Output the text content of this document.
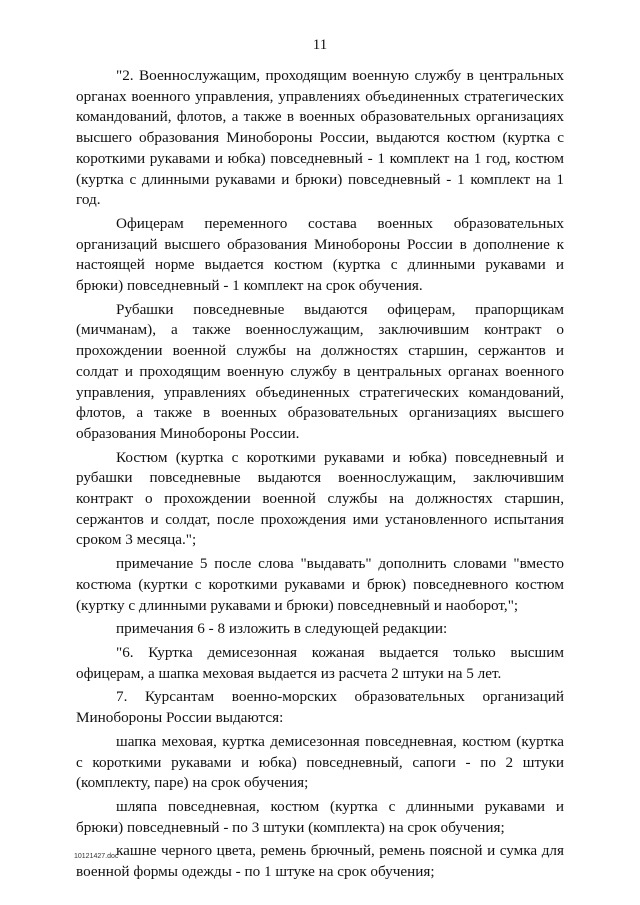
11

"2. Военнослужащим, проходящим военную службу в центральных органах военного управления, управлениях объединенных стратегических командований, флотов, а также в военных образовательных организациях высшего образования Минобороны России, выдаются костюм (куртка с короткими рукавами и юбка) повседневный - 1 комплект на 1 год, костюм (куртка с длинными рукавами и брюки) повседневный - 1 комплект на 1 год.

Офицерам переменного состава военных образовательных организаций высшего образования Минобороны России в дополнение к настоящей норме выдается костюм (куртка с длинными рукавами и брюки) повседневный - 1 комплект на срок обучения.

Рубашки повседневные выдаются офицерам, прапорщикам (мичманам), а также военнослужащим, заключившим контракт о прохождении военной службы на должностях старшин, сержантов и солдат и проходящим военную службу в центральных органах военного управления, управлениях объединенных стратегических командований, флотов, а также в военных образовательных организациях высшего образования Минобороны России.

Костюм (куртка с короткими рукавами и юбка) повседневный и рубашки повседневные выдаются военнослужащим, заключившим контракт о прохождении военной службы на должностях старшин, сержантов и солдат, после прохождения ими установленного испытания сроком 3 месяца.";

примечание 5 после слова "выдавать" дополнить словами "вместо костюма (куртки с короткими рукавами и брюк) повседневного костюм (куртку с длинными рукавами и брюки) повседневный и наоборот,";

примечания 6 - 8 изложить в следующей редакции:

"6. Куртка демисезонная кожаная выдается только высшим офицерам, а шапка меховая выдается из расчета 2 штуки на 5 лет.

7. Курсантам военно-морских образовательных организаций Минобороны России выдаются:

шапка меховая, куртка демисезонная повседневная, костюм (куртка с короткими рукавами и юбка) повседневный, сапоги - по 2 штуки (комплекту, паре) на срок обучения;

шляпа повседневная, костюм (куртка с длинными рукавами и брюки) повседневный - по 3 штуки (комплекта) на срок обучения;

кашне черного цвета, ремень брючный, ремень поясной и сумка для военной формы одежды - по 1 штуке на срок обучения;

10121427.doc
